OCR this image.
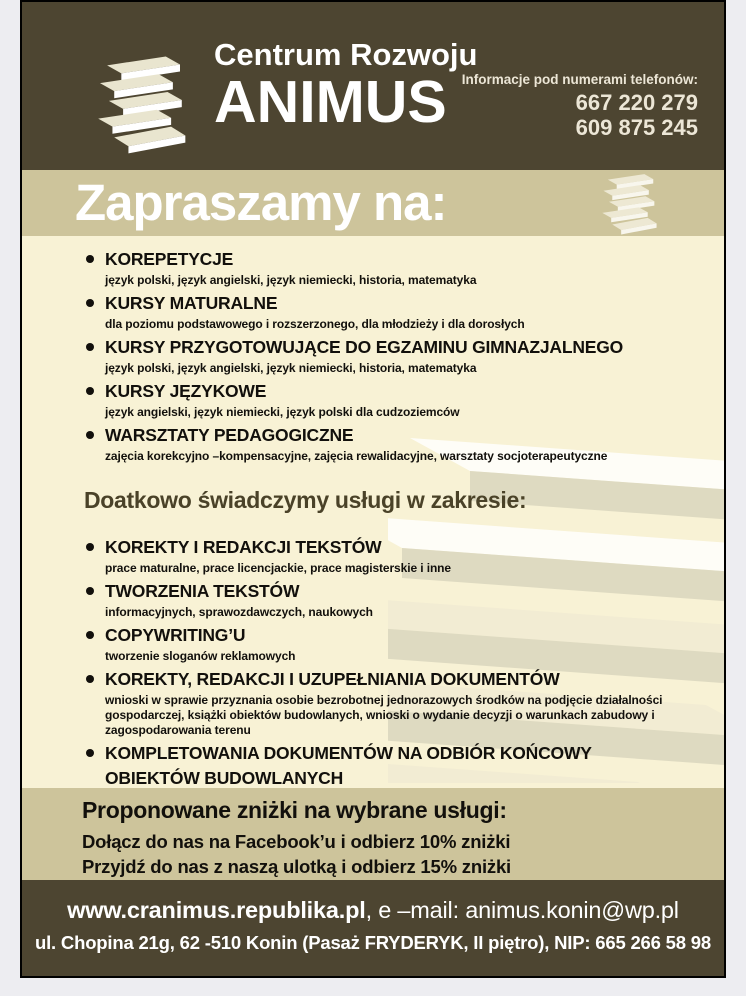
Centrum Rozwoju
ANIMUS	Informacje pod numerami telefonów:
667 220 279
609 875 245
Zapraszamy na:
KOREPETYCJE
język polski, język angielski, język niemiecki, historia, matematyka
KURSY MATURALNE
dla poziomu podstawowego i rozszerzonego, dla młodzieży i dla dorosłych
KURSY PRZYGOTOWUJĄCE DO EGZAMINU GIMNAZJALNEGO
język polski, język angielski, język niemiecki, historia, matematyka
KURSY JĘZYKOWE
język angielski, język niemiecki, język polski dla cudzoziemców
WARSZTATY PEDAGOGICZNE
zajęcia korekcyjno –kompensacyjne, zajęcia rewalidacyjne, warsztaty socjoterapeutyczne
Doatkowo świadczymy usługi w zakresie:
KOREKTY I REDAKCJI TEKSTÓW
prace maturalne, prace licencjackie, prace magisterskie i inne
TWORZENIA TEKSTÓW
informacyjnych, sprawozdawczych, naukowych
COPYWRITING’U
tworzenie sloganów reklamowych
KOREKTY, REDAKCJI I UZUPEŁNIANIA DOKUMENTÓW
wnioski w sprawie przyznania osobie bezrobotnej jednorazowych środków na podjęcie działalności gospodarczej, książki obiektów budowlanych, wnioski o wydanie decyzji o warunkach zabudowy i zagospodarowania terenu
KOMPLETOWANIA DOKUMENTÓW NA ODBIÓR KOŃCOWY
OBIEKTÓW BUDOWLANYCH
Proponowane zniżki na wybrane usługi:
Dołącz do nas na Facebook’u i odbierz 10% zniżki
Przyjdź do nas z naszą ulotką i odbierz 15% zniżki
www.cranimus.republika.pl, e –mail: animus.konin@wp.pl
ul. Chopina 21g, 62 -510 Konin (Pasaż FRYDERYK, II piętro), NIP: 665 266 58 98
